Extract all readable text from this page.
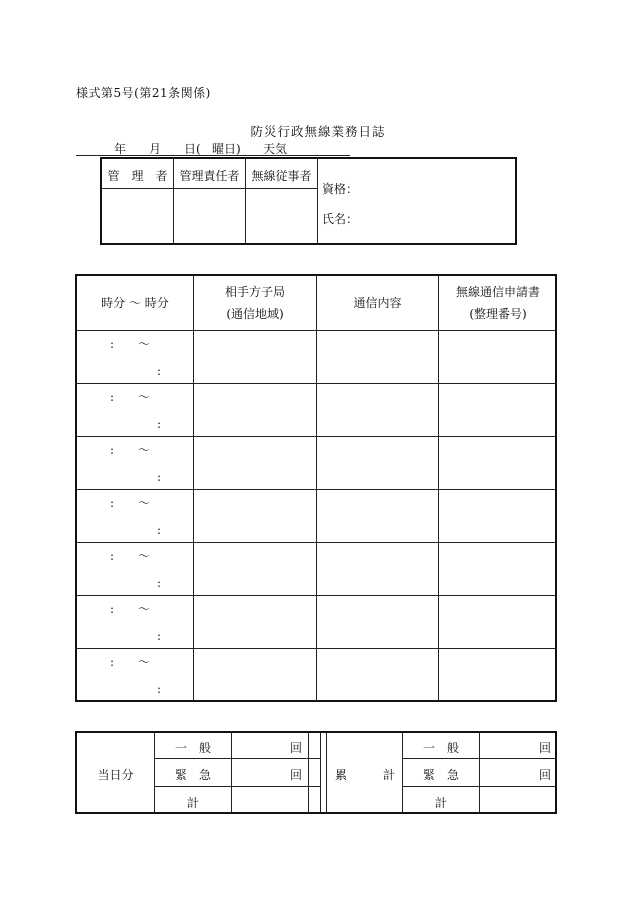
様式第5号(第21条関係)
防災行政無線業務日誌
年 月 日( 曜日) 天気
管　理　者 管理責任者 無線従事者
資格：
氏名：
時分 ～ 時分
相手方子局
(通信地域)
通信内容
無線通信申請書
(整理番号)
:　　～
:
:　　～
:
:　　～
:
:　　～
:
:　　～
:
:　　～
:
:　　～
:
当日分
一　般
緊　急
計
回
回	累　　　計
一　般
緊　急
計
回
回
